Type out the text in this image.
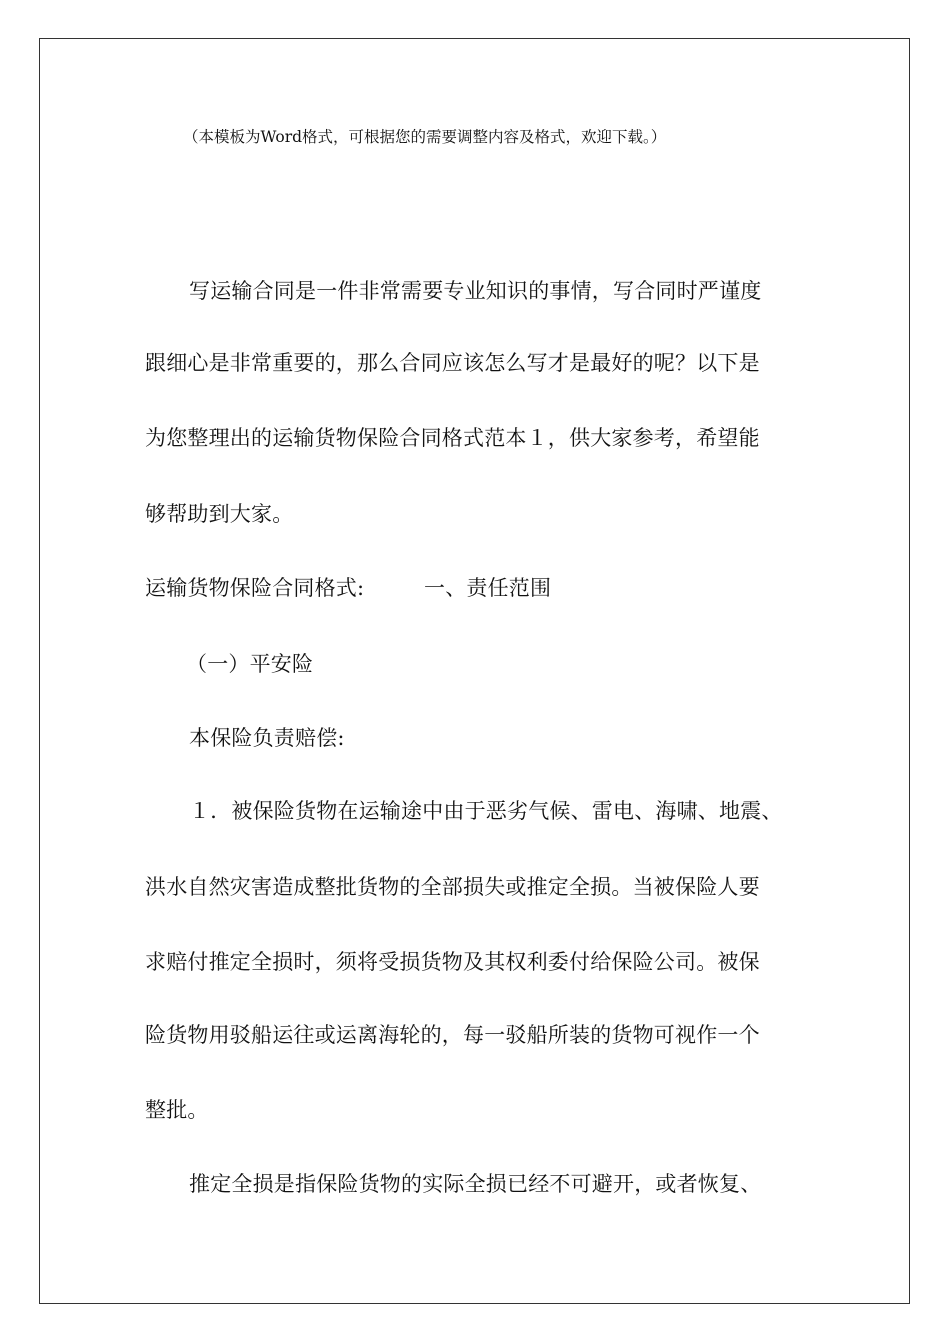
（本模板为Word格式，可根据您的需要调整内容及格式，欢迎下载。）
写运输合同是一件非常需要专业知识的事情，写合同时严谨度
跟细心是非常重要的，那么合同应该怎么写才是最好的呢？以下是
为您整理出的运输货物保险合同格式范本１，供大家参考，希望能
够帮助到大家。
运输货物保险合同格式:	一、责任范围
（一）平安险
本保险负责赔偿:
１．被保险货物在运输途中由于恶劣气候、雷电、海啸、地震、
洪水自然灾害造成整批货物的全部损失或推定全损。当被保险人要
求赔付推定全损时，须将受损货物及其权利委付给保险公司。被保
险货物用驳船运往或运离海轮的，每一驳船所装的货物可视作一个
整批。
推定全损是指保险货物的实际全损已经不可避开，或者恢复、
